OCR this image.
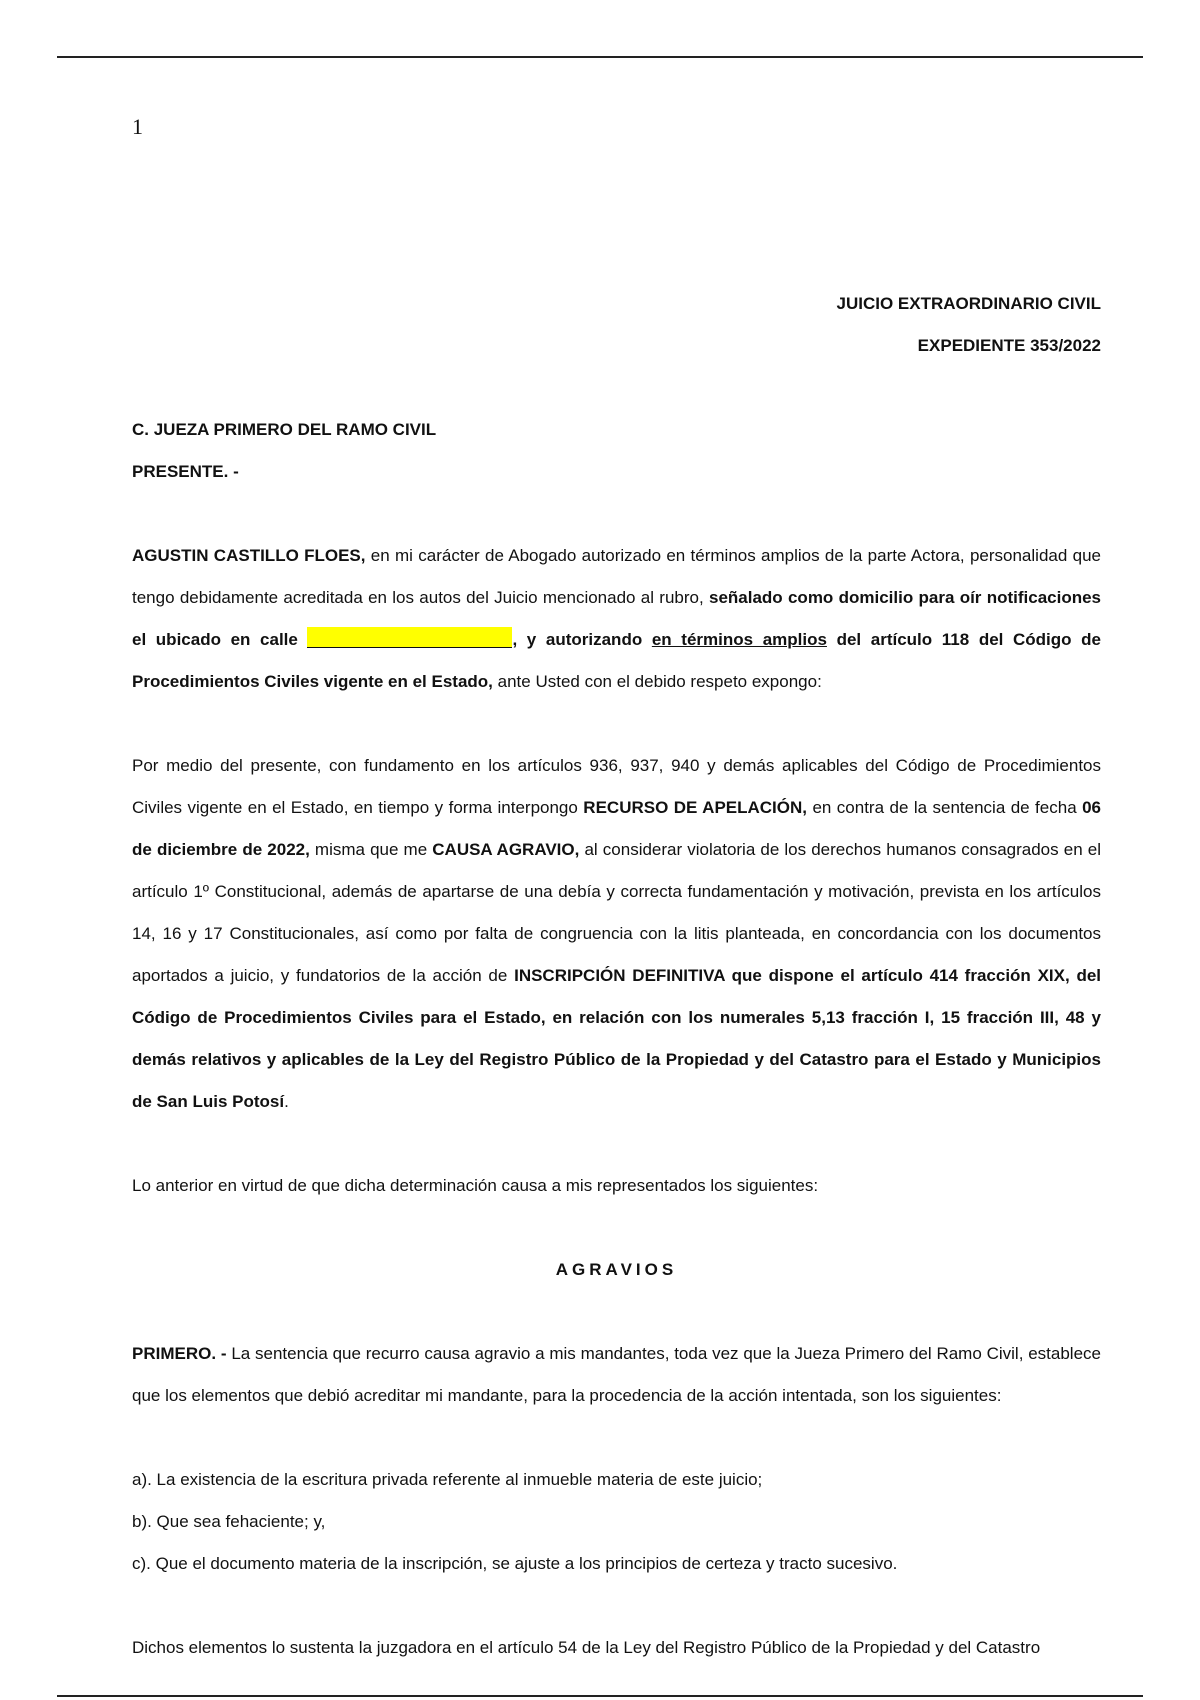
1
JUICIO EXTRAORDINARIO CIVIL
EXPEDIENTE 353/2022
C. JUEZA PRIMERO DEL RAMO CIVIL
PRESENTE. -

AGUSTIN CASTILLO FLOES, en mi carácter de Abogado autorizado en términos amplios de la parte Actora, personalidad que tengo debidamente acreditada en los autos del Juicio mencionado al rubro, señalado como domicilio para oír notificaciones el ubicado en calle	, y autorizando en términos amplios del artículo 118 del Código de Procedimientos Civiles vigente en el Estado, ante Usted con el debido respeto expongo:

Por medio del presente, con fundamento en los artículos 936, 937, 940 y demás aplicables del Código de Procedimientos Civiles vigente en el Estado, en tiempo y forma interpongo RECURSO DE APELACIÓN, en contra de la sentencia de fecha 06 de diciembre de 2022, misma que me CAUSA AGRAVIO, al considerar violatoria de los derechos humanos consagrados en el artículo 1º Constitucional, además de apartarse de una debía y correcta fundamentación y motivación, prevista en los artículos 14, 16 y 17 Constitucionales, así como por falta de congruencia con la litis planteada, en concordancia con los documentos aportados a juicio, y fundatorios de la acción de INSCRIPCIÓN DEFINITIVA que dispone el artículo 414 fracción XIX, del Código de Procedimientos Civiles para el Estado, en relación con los numerales 5,13 fracción I, 15 fracción III, 48 y demás relativos y aplicables de la Ley del Registro Público de la Propiedad y del Catastro para el Estado y Municipios de San Luis Potosí.

Lo anterior en virtud de que dicha determinación causa a mis representados los siguientes:

AGRAVIOS

PRIMERO. - La sentencia que recurro causa agravio a mis mandantes, toda vez que la Jueza Primero del Ramo Civil, establece que los elementos que debió acreditar mi mandante, para la procedencia de la acción intentada, son los siguientes:

a). La existencia de la escritura privada referente al inmueble materia de este juicio;

b). Que sea fehaciente; y,

c). Que el documento materia de la inscripción, se ajuste a los principios de certeza y tracto sucesivo.

Dichos elementos lo sustenta la juzgadora en el artículo 54 de la Ley del Registro Público de la Propiedad y del Catastro
